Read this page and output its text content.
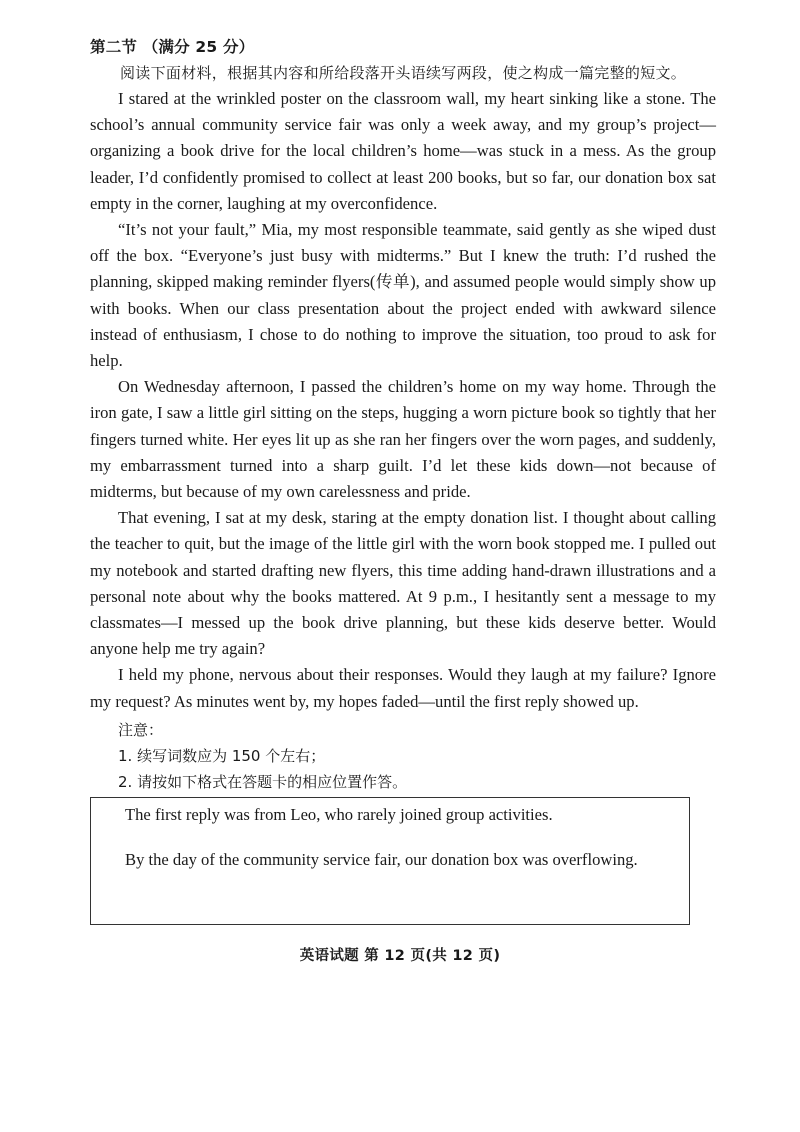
第二节 （满分 25 分）

阅读下面材料，根据其内容和所给段落开头语续写两段，使之构成一篇完整的短文。

I stared at the wrinkled poster on the classroom wall, my heart sinking like a stone. The school’s annual community service fair was only a week away, and my group’s project—organizing a book drive for the local children’s home—was stuck in a mess. As the group leader, I’d confidently promised to collect at least 200 books, but so far, our donation box sat empty in the corner, laughing at my overconfidence.

“It’s not your fault,” Mia, my most responsible teammate, said gently as she wiped dust off the box. “Everyone’s just busy with midterms.” But I knew the truth: I’d rushed the planning, skipped making reminder flyers(传单), and assumed people would simply show up with books. When our class presentation about the project ended with awkward silence instead of enthusiasm, I chose to do nothing to improve the situation, too proud to ask for help.

On Wednesday afternoon, I passed the children’s home on my way home. Through the iron gate, I saw a little girl sitting on the steps, hugging a worn picture book so tightly that her fingers turned white. Her eyes lit up as she ran her fingers over the worn pages, and suddenly, my embarrassment turned into a sharp guilt. I’d let these kids down—not because of midterms, but because of my own carelessness and pride.

That evening, I sat at my desk, staring at the empty donation list. I thought about calling the teacher to quit, but the image of the little girl with the worn book stopped me. I pulled out my notebook and started drafting new flyers, this time adding hand-drawn illustrations and a personal note about why the books mattered. At 9 p.m., I hesitantly sent a message to my classmates—I messed up the book drive planning, but these kids deserve better. Would anyone help me try again?

I held my phone, nervous about their responses. Would they laugh at my failure? Ignore my request? As minutes went by, my hopes faded—until the first reply showed up.

注意：

1. 续写词数应为 150 个左右；

2. 请按如下格式在答题卡的相应位置作答。

The first reply was from Leo, who rarely joined group activities.

By the day of the community service fair, our donation box was overflowing.

英语试题 第 12 页(共 12 页)
